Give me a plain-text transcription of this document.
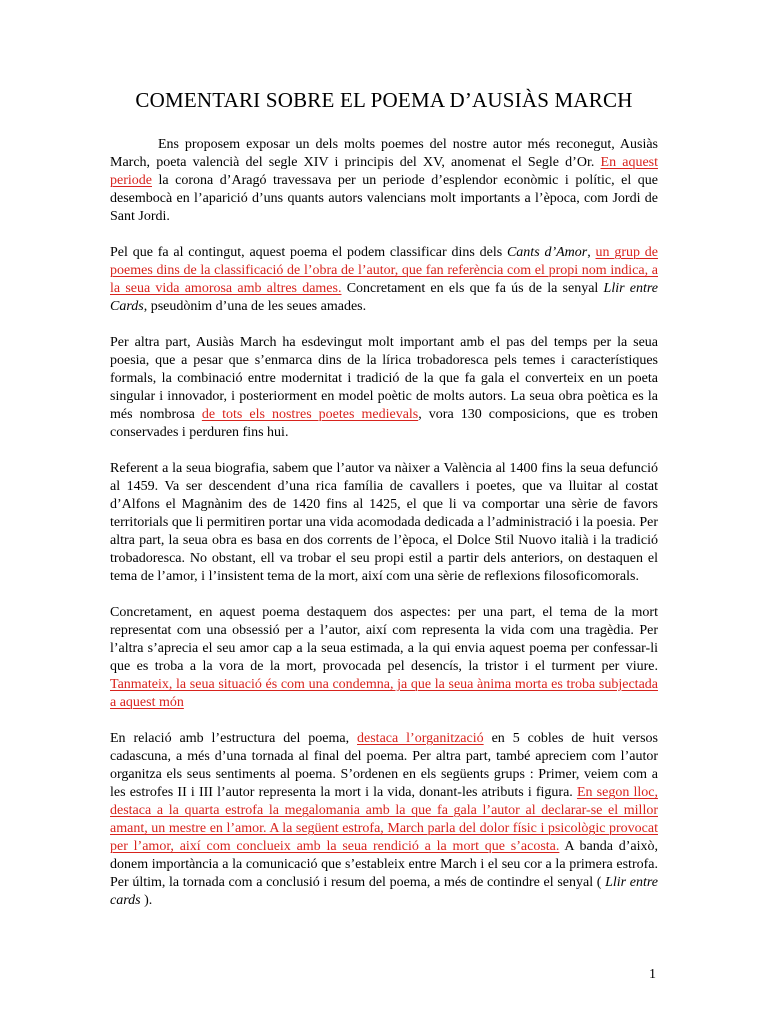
COMENTARI SOBRE EL POEMA D’AUSIÀS MARCH

Ens proposem exposar un dels molts poemes del nostre autor més reconegut, Ausiàs March, poeta valencià del segle XIV i principis del XV, anomenat el Segle d’Or. En aquest periode la corona d’Aragó travessava per un periode d’esplendor econòmic i polític, el que desembocà en l’aparició d’uns quants autors valencians molt importants a l’època, com Jordi de Sant Jordi.

Pel que fa al contingut, aquest poema el podem classificar dins dels Cants d’Amor, un grup de poemes dins de la classificació de l’obra de l’autor, que fan referència com el propi nom indica, a la seua vida amorosa amb altres dames. Concretament en els que fa ús de la senyal Llir entre Cards, pseudònim d’una de les seues amades.

Per altra part, Ausiàs March ha esdevingut molt important amb el pas del temps per la seua poesia, que a pesar que s’enmarca dins de la lírica trobadoresca pels temes i característiques formals, la combinació entre modernitat i tradició de la que fa gala el converteix en un poeta singular i innovador, i posteriorment en model poètic de molts autors. La seua obra poètica es la més nombrosa de tots els nostres poetes medievals, vora 130 composicions, que es troben conservades i perduren fins hui.

Referent a la seua biografia, sabem que l’autor va nàixer a València al 1400 fins la seua defunció al 1459. Va ser descendent d’una rica família de cavallers i poetes, que va lluitar al costat d’Alfons el Magnànim des de 1420 fins al 1425, el que li va comportar una sèrie de favors territorials que li permitiren portar una vida acomodada dedicada a l’administració i la poesia. Per altra part, la seua obra es basa en dos corrents de l’època, el Dolce Stil Nuovo italià i la tradició trobadoresca. No obstant, ell va trobar el seu propi estil a partir dels anteriors, on destaquen el tema de l’amor, i l’insistent tema de la mort, així com una sèrie de reflexions filosoficomorals.

Concretament, en aquest poema destaquem dos aspectes: per una part, el tema de la mort representat com una obsessió per a l’autor, així com representa la vida com una tragèdia. Per l’altra s’aprecia el seu amor cap a la seua estimada, a la qui envia aquest poema per confessar-li que es troba a la vora de la mort, provocada pel desencís, la tristor i el turment per viure. Tanmateix, la seua situació és com una condemna, ja que la seua ànima morta es troba subjectada a aquest món

En relació amb l’estructura del poema, destaca l’organització en 5 cobles de huit versos cadascuna, a més d’una tornada al final del poema. Per altra part, també apreciem com l’autor organitza els seus sentiments al poema. S’ordenen en els següents grups : Primer, veiem com a les estrofes II i III l’autor representa la mort i la vida, donant-les atributs i figura. En segon lloc, destaca a la quarta estrofa la megalomania amb la que fa gala l’autor al declarar-se el millor amant, un mestre en l’amor. A la següent estrofa, March parla del dolor físic i psicològic provocat per l’amor, així com conclueix amb la seua rendició a la mort que s’acosta. A banda d’això, donem importància a la comunicació que s’estableix entre March i el seu cor a la primera estrofa. Per últim, la tornada com a conclusió i resum del poema, a més de contindre el senyal ( Llir entre cards ).

1
